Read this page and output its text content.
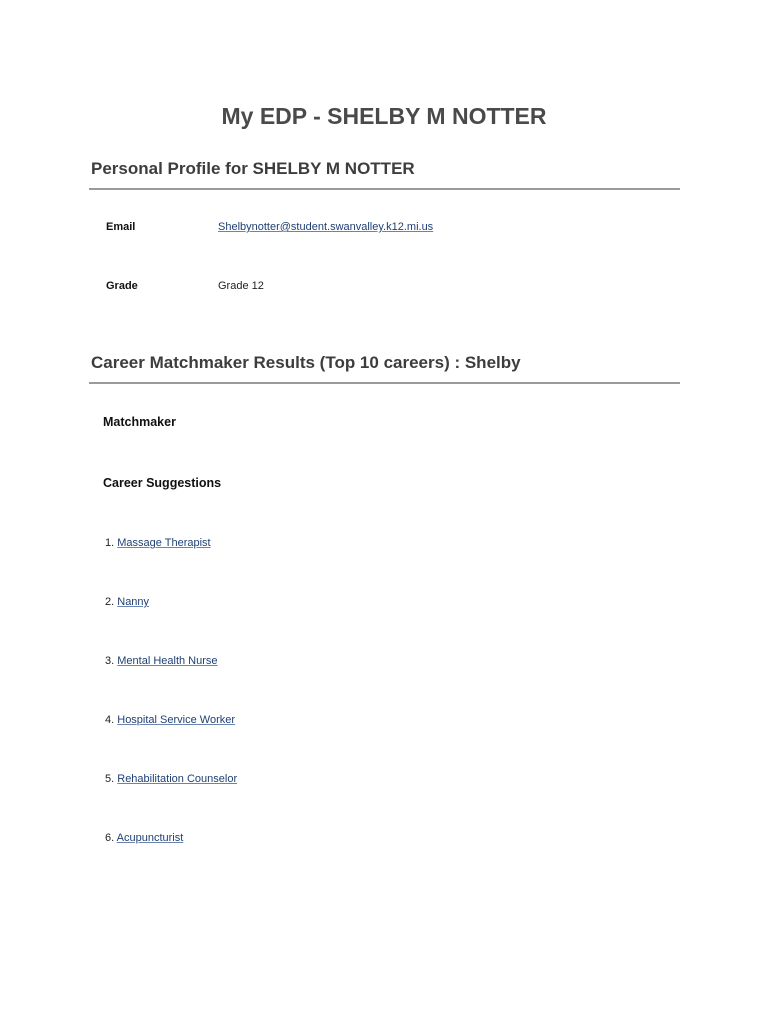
My EDP - SHELBY M NOTTER
Personal Profile for SHELBY M NOTTER
Email	Shelbynotter@student.swanvalley.k12.mi.us
Grade	Grade 12
Career Matchmaker Results (Top 10 careers) : Shelby
Matchmaker
Career Suggestions
1. Massage Therapist
2. Nanny
3. Mental Health Nurse
4. Hospital Service Worker
5. Rehabilitation Counselor
6. Acupuncturist
